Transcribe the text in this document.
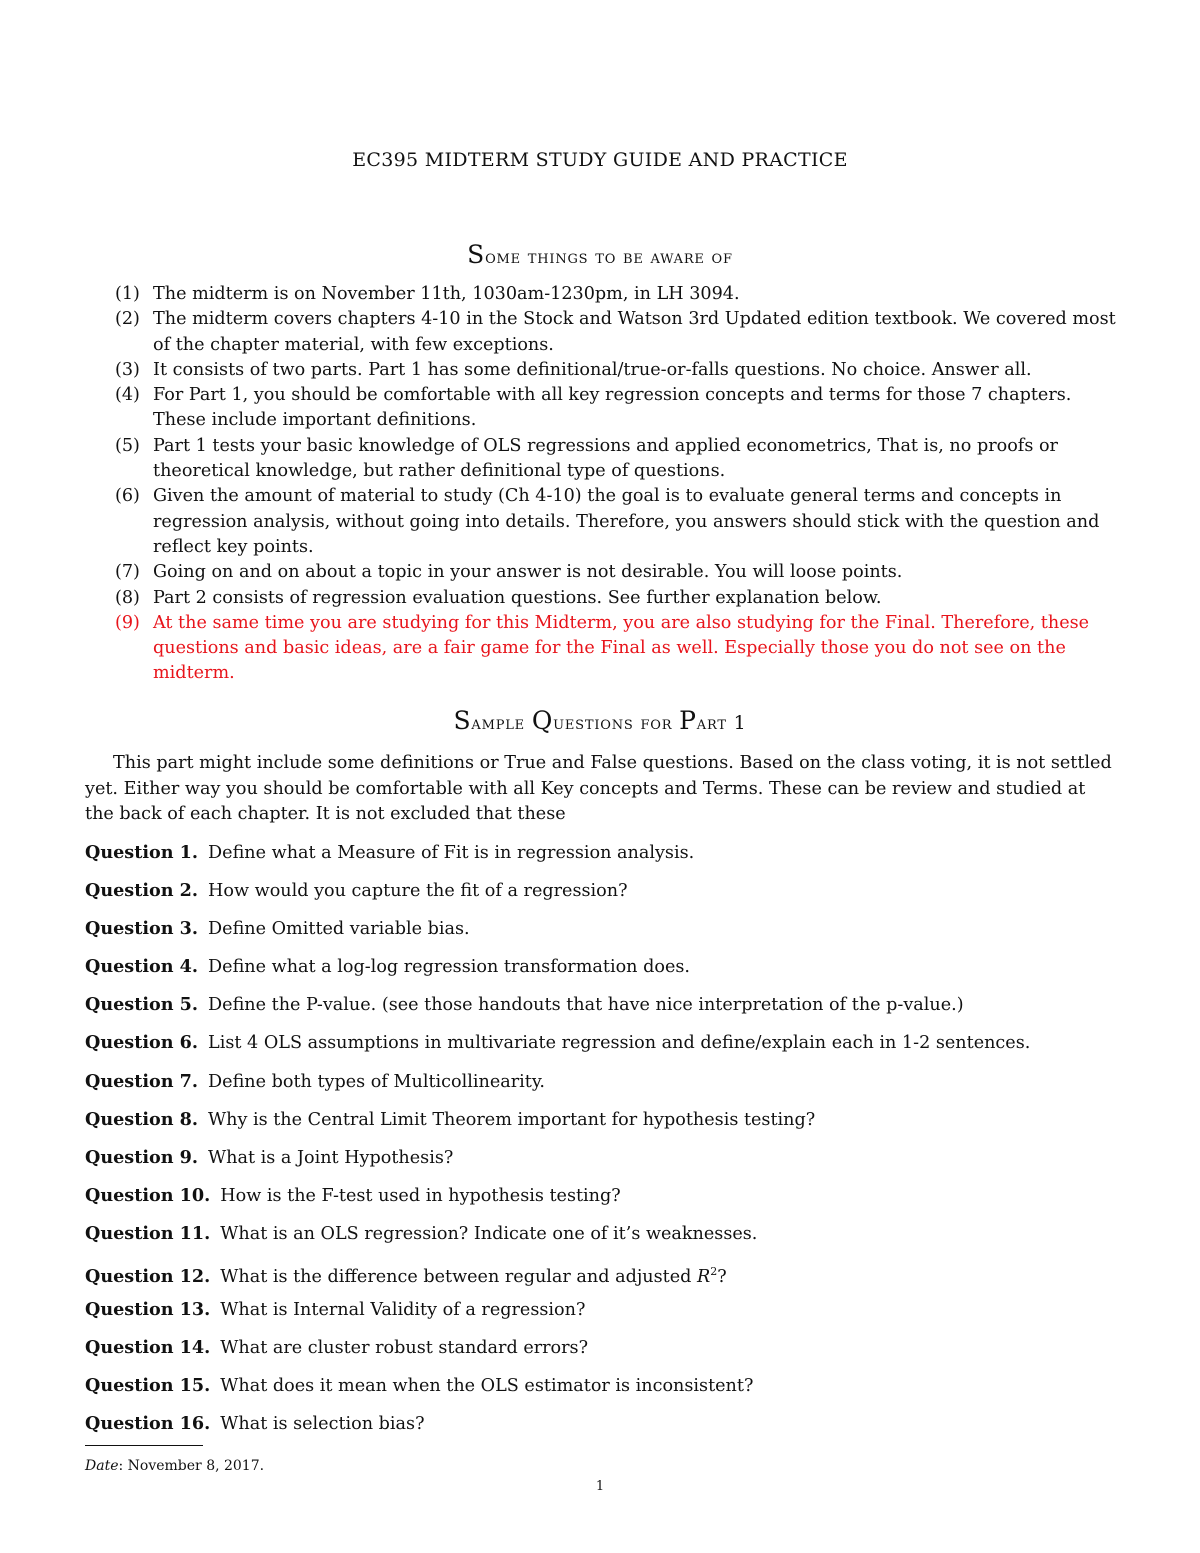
EC395 MIDTERM STUDY GUIDE AND PRACTICE
Some things to be aware of
(1) The midterm is on November 11th, 1030am-1230pm, in LH 3094.
(2) The midterm covers chapters 4-10 in the Stock and Watson 3rd Updated edition textbook. We covered most of the chapter material, with few exceptions.
(3) It consists of two parts. Part 1 has some definitional/true-or-falls questions. No choice. Answer all.
(4) For Part 1, you should be comfortable with all key regression concepts and terms for those 7 chapters. These include important definitions.
(5) Part 1 tests your basic knowledge of OLS regressions and applied econometrics, That is, no proofs or theoretical knowledge, but rather definitional type of questions.
(6) Given the amount of material to study (Ch 4-10) the goal is to evaluate general terms and concepts in regression analysis, without going into details. Therefore, you answers should stick with the question and reflect key points.
(7) Going on and on about a topic in your answer is not desirable. You will loose points.
(8) Part 2 consists of regression evaluation questions. See further explanation below.
(9) At the same time you are studying for this Midterm, you are also studying for the Final. Therefore, these questions and basic ideas, are a fair game for the Final as well. Especially those you do not see on the midterm.
Sample Questions for Part 1

This part might include some definitions or True and False questions. Based on the class voting, it is not settled yet. Either way you should be comfortable with all Key concepts and Terms. These can be review and studied at the back of each chapter. It is not excluded that these

Question 1. Define what a Measure of Fit is in regression analysis.
Question 2. How would you capture the fit of a regression?
Question 3. Define Omitted variable bias.
Question 4. Define what a log-log regression transformation does.
Question 5. Define the P-value. (see those handouts that have nice interpretation of the p-value.)
Question 6. List 4 OLS assumptions in multivariate regression and define/explain each in 1-2 sentences.
Question 7. Define both types of Multicollinearity.
Question 8. Why is the Central Limit Theorem important for hypothesis testing?
Question 9. What is a Joint Hypothesis?
Question 10. How is the F-test used in hypothesis testing?
Question 11. What is an OLS regression? Indicate one of it’s weaknesses.
Question 12. What is the difference between regular and adjusted $R^2$?
Question 13. What is Internal Validity of a regression?
Question 14. What are cluster robust standard errors?
Question 15. What does it mean when the OLS estimator is inconsistent?
Question 16. What is selection bias?
Date: November 8, 2017.
1
